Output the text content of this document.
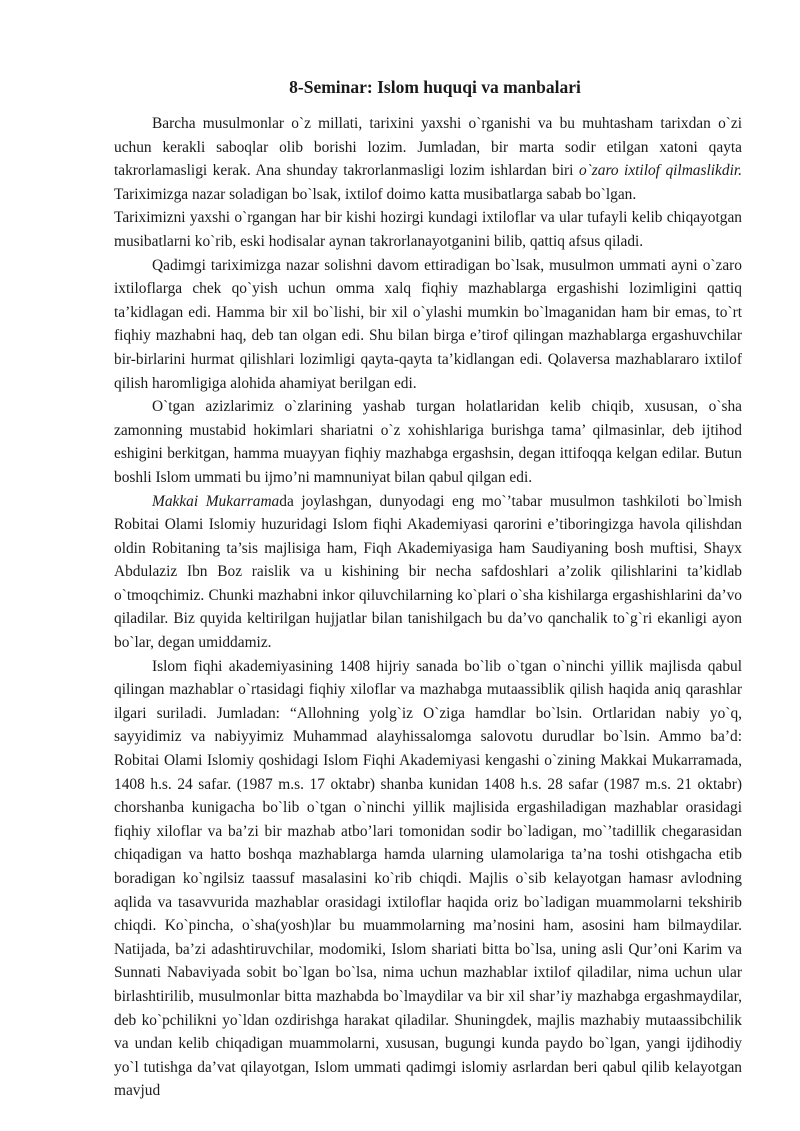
8-Seminar: Islom huquqi va manbalari

Barcha musulmonlar o`z millati, tarixini yaxshi o`rganishi va bu muhtasham tarixdan o`zi uchun kerakli saboqlar olib borishi lozim. Jumladan, bir marta sodir etilgan xatoni qayta takrorlamasligi kerak. Ana shunday takrorlanmasligi lozim ishlardan biri o`zaro ixtilof qilmaslikdir. Tariximizga nazar soladigan bo`lsak, ixtilof doimo katta musibatlarga sabab bo`lgan.

Tariximizni yaxshi o`rgangan har bir kishi hozirgi kundagi ixtiloflar va ular tufayli kelib chiqayotgan musibatlarni ko`rib, eski hodisalar aynan takrorlanayotganini bilib, qattiq afsus qiladi.

Qadimgi tariximizga nazar solishni davom ettiradigan bo`lsak, musulmon ummati ayni o`zaro ixtiloflarga chek qo`yish uchun omma xalq fiqhiy mazhablarga ergashishi lozimligini qattiq ta’kidlagan edi. Hamma bir xil bo`lishi, bir xil o`ylashi mumkin bo`lmaganidan ham bir emas, to`rt fiqhiy mazhabni haq, deb tan olgan edi. Shu bilan birga e’tirof qilingan mazhablarga ergashuvchilar bir-birlarini hurmat qilishlari lozimligi qayta-qayta ta’kidlangan edi. Qolaversa mazhablararo ixtilof qilish haromligiga alohida ahamiyat berilgan edi.

O`tgan azizlarimiz o`zlarining yashab turgan holatlaridan kelib chiqib, xususan, o`sha zamonning mustabid hokimlari shariatni o`z xohishlariga burishga tama’ qilmasinlar, deb ijtihod eshigini berkitgan, hamma muayyan fiqhiy mazhabga ergashsin, degan ittifoqqa kelgan edilar. Butun boshli Islom ummati bu ijmo’ni mamnuniyat bilan qabul qilgan edi.

Makkai Mukarramada joylashgan, dunyodagi eng mo`’tabar musulmon tashkiloti bo`lmish Robitai Olami Islomiy huzuridagi Islom fiqhi Akademiyasi qarorini e’tiboringizga havola qilishdan oldin Robitaning ta’sis majlisiga ham, Fiqh Akademiyasiga ham Saudiyaning bosh muftisi, Shayx Abdulaziz Ibn Boz raislik va u kishining bir necha safdoshlari a’zolik qilishlarini ta’kidlab o`tmoqchimiz. Chunki mazhabni inkor qiluvchilarning ko`plari o`sha kishilarga ergashishlarini da’vo qiladilar. Biz quyida keltirilgan hujjatlar bilan tanishilgach bu da’vo qanchalik to`g`ri ekanligi ayon bo`lar, degan umiddamiz.

Islom fiqhi akademiyasining 1408 hijriy sanada bo`lib o`tgan o`ninchi yillik majlisda qabul qilingan mazhablar o`rtasidagi fiqhiy xiloflar va mazhabga mutaassiblik qilish haqida aniq qarashlar ilgari suriladi. Jumladan: “Allohning yolg`iz O`ziga hamdlar bo`lsin. Ortlaridan nabiy yo`q, sayyidimiz va nabiyyimiz Muhammad alayhissalomga salovotu durudlar bo`lsin. Ammo ba’d: Robitai Olami Islomiy qoshidagi Islom Fiqhi Akademiyasi kengashi o`zining Makkai Mukarramada, 1408 h.s. 24 safar. (1987 m.s. 17 oktabr) shanba kunidan 1408 h.s. 28 safar (1987 m.s. 21 oktabr) chorshanba kunigacha bo`lib o`tgan o`ninchi yillik majlisida ergashiladigan mazhablar orasidagi fiqhiy xiloflar va ba’zi bir mazhab atbo’lari tomonidan sodir bo`ladigan, mo`’tadillik chegarasidan chiqadigan va hatto boshqa mazhablarga hamda ularning ulamolariga ta’na toshi otishgacha etib boradigan ko`ngilsiz taassuf masalasini ko`rib chiqdi. Majlis o`sib kelayotgan hamasr avlodning aqlida va tasavvurida mazhablar orasidagi ixtiloflar haqida oriz bo`ladigan muammolarni tekshirib chiqdi. Ko`pincha, o`sha(yosh)lar bu muammolarning ma’nosini ham, asosini ham bilmaydilar. Natijada, ba’zi adashtiruvchilar, modomiki, Islom shariati bitta bo`lsa, uning asli Qur’oni Karim va Sunnati Nabaviyada sobit bo`lgan bo`lsa, nima uchun mazhablar ixtilof qiladilar, nima uchun ular birlashtirilib, musulmonlar bitta mazhabda bo`lmaydilar va bir xil shar’iy mazhabga ergashmaydilar, deb ko`pchilikni yo`ldan ozdirishga harakat qiladilar. Shuningdek, majlis mazhabiy mutaassibchilik va undan kelib chiqadigan muammolarni, xususan, bugungi kunda paydo bo`lgan, yangi ijdihodiy yo`l tutishga da’vat qilayotgan, Islom ummati qadimgi islomiy asrlardan beri qabul qilib kelayotgan mavjud
